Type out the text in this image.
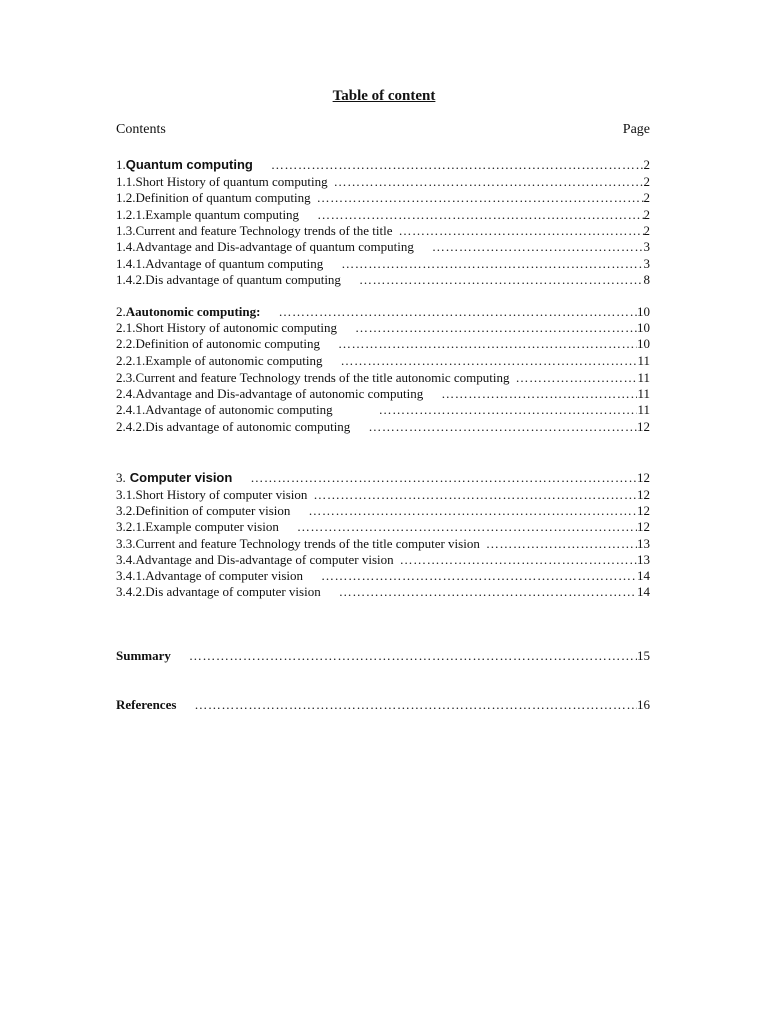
Table of content
Contents	Page
1. Quantum computing ………………………………………………………………………………………………………………………………………………………………………………	2
1.1. Short History of quantum computing ………………………………………………………………………………………………………………………………………………………………………………	2
1.2. Definition of quantum computing ………………………………………………………………………………………………………………………………………………………………………………	2
1.2.1. Example quantum computing ………………………………………………………………………………………………………………………………………………………………………………	2
1.3. Current and feature Technology trends of the title ………………………………………………………………………………………………………………………………………………………………………………	2
1.4. Advantage and Dis-advantage of quantum computing ………………………………………………………………………………………………………………………………………………………………………………	3
1.4.1. Advantage of quantum computing ………………………………………………………………………………………………………………………………………………………………………………	3
1.4.2. Dis advantage of quantum computing ………………………………………………………………………………………………………………………………………………………………………………	8
2. Aautonomic computing: ………………………………………………………………………………………………………………………………………………………………………………	10
2.1. Short History of autonomic computing ………………………………………………………………………………………………………………………………………………………………………………	10
2.2. Definition of autonomic computing ………………………………………………………………………………………………………………………………………………………………………………	10
2.2.1. Example of autonomic computing ………………………………………………………………………………………………………………………………………………………………………………	11
2.3. Current and feature Technology trends of the title autonomic computing ………………………………………………………………………………………………………………………………………………………………………………	11
2.4. Advantage and Dis-advantage of autonomic computing ………………………………………………………………………………………………………………………………………………………………………………	11
2.4.1. Advantage of autonomic computing ………………………………………………………………………………………………………………………………………………………………………………	11
2.4.2. Dis advantage of autonomic computing ………………………………………………………………………………………………………………………………………………………………………………	12
3. Computer vision ………………………………………………………………………………………………………………………………………………………………………………	12
3.1. Short History of computer vision ………………………………………………………………………………………………………………………………………………………………………………	12
3.2. Definition of computer vision ………………………………………………………………………………………………………………………………………………………………………………	12
3.2.1. Example computer vision ………………………………………………………………………………………………………………………………………………………………………………	12
3.3. Current and feature Technology trends of the title computer vision ………………………………………………………………………………………………………………………………………………………………………………	13
3.4. Advantage and Dis-advantage of computer vision ………………………………………………………………………………………………………………………………………………………………………………	13
3.4.1. Advantage of computer vision ………………………………………………………………………………………………………………………………………………………………………………	14
3.4.2. Dis advantage of computer vision ………………………………………………………………………………………………………………………………………………………………………………	14
Summary ………………………………………………………………………………………………………………………………………………………………………………	15
References ………………………………………………………………………………………………………………………………………………………………………………	16
